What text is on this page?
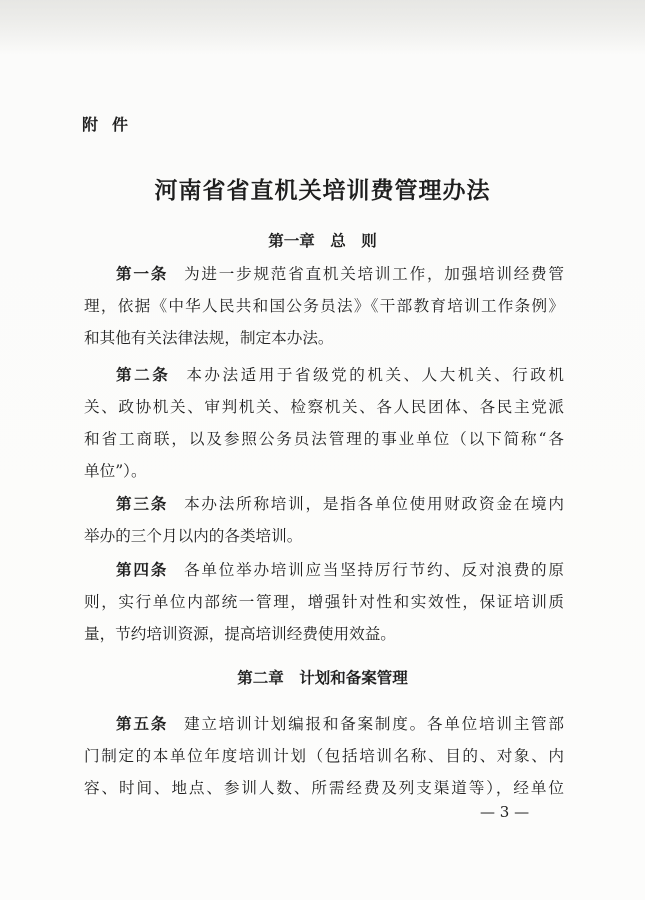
附件
河南省省直机关培训费管理办法
第一章　总　则
第一条 为进一步规范省直机关培训工作，加强培训经费管
理，依据《中华人民共和国公务员法》《干部教育培训工作条例》
和其他有关法律法规，制定本办法。
第二条 本办法适用于省级党的机关、人大机关、行政机
关、政协机关、审判机关、检察机关、各人民团体、各民主党派
和省工商联，以及参照公务员法管理的事业单位（以下简称“各
单位”）。
第三条 本办法所称培训，是指各单位使用财政资金在境内
举办的三个月以内的各类培训。
第四条 各单位举办培训应当坚持厉行节约、反对浪费的原
则，实行单位内部统一管理，增强针对性和实效性，保证培训质
量，节约培训资源，提高培训经费使用效益。
第二章　计划和备案管理
第五条 建立培训计划编报和备案制度。各单位培训主管部
门制定的本单位年度培训计划（包括培训名称、目的、对象、内
容、时间、地点、参训人数、所需经费及列支渠道等），经单位
— 3 —
